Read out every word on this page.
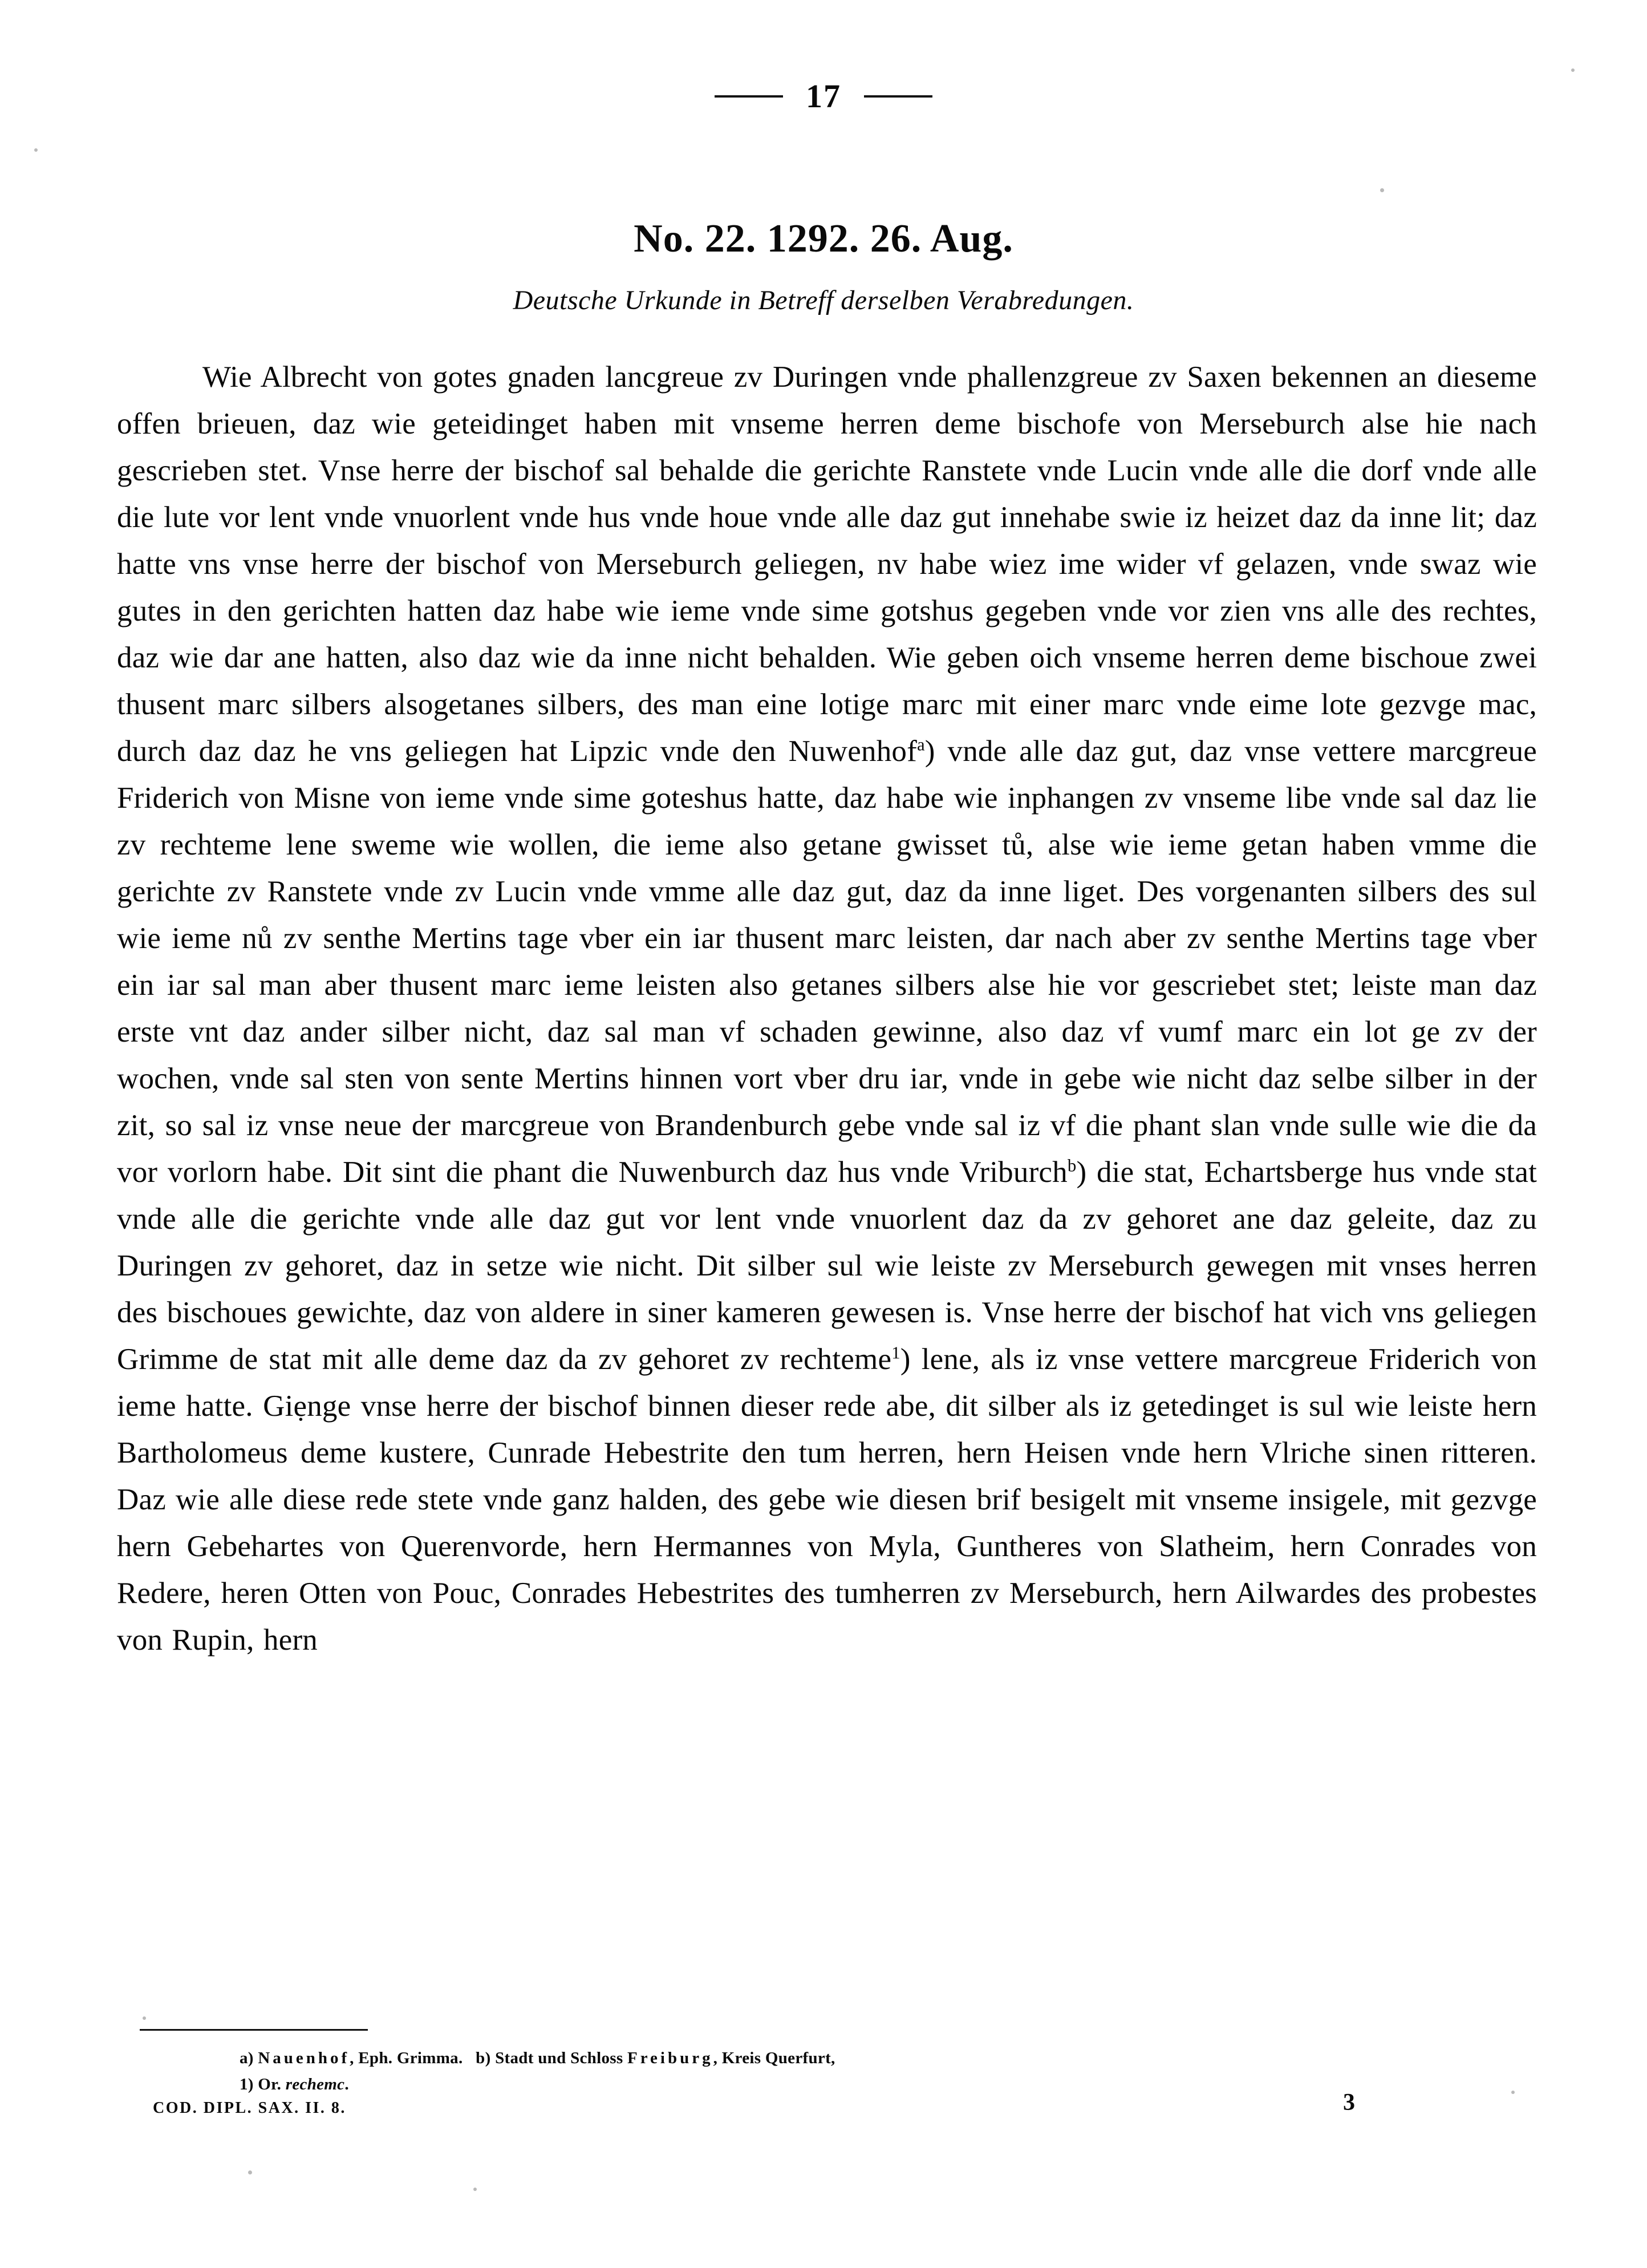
17
No. 22. 1292. 26. Aug.

Deutsche Urkunde in Betreff derselben Verabredungen.

Wie Albrecht von gotes gnaden lancgreue zv Duringen vnde phallenzgreue zv Saxen bekennen an dieseme offen brieuen, daz wie geteidinget haben mit vnseme herren deme bischofe von Merseburch alse hie nach gescrieben stet. Vnse herre der bischof sal behalde die gerichte Ranstete vnde Lucin vnde alle die dorf vnde alle die lute vor lent vnde vnuorlent vnde hus vnde houe vnde alle daz gut innehabe swie iz heizet daz da inne lit; daz hatte vns vnse herre der bischof von Merseburch geliegen, nv habe wiez ime wider vf gelazen, vnde swaz wie gutes in den gerichten hatten daz habe wie ieme vnde sime gotshus gegeben vnde vor zien vns alle des rechtes, daz wie dar ane hatten, also daz wie da inne nicht behalden. Wie geben oich vnseme herren deme bischoue zwei thusent marc silbers alsogetanes silbers, des man eine lotige marc mit einer marc vnde eime lote gezvge mac, durch daz daz he vns geliegen hat Lipzic vnde den Nuwenhof$^a$) vnde alle daz gut, daz vnse vettere marcgreue Friderich von Misne von ieme vnde sime goteshus hatte, daz habe wie inphangen zv vnseme libe vnde sal daz lie zv rechteme lene sweme wie wollen, die ieme also getane gwisset tů, alse wie ieme getan haben vmme die gerichte zv Ranstete vnde zv Lucin vnde vmme alle daz gut, daz da inne liget. Des vorgenanten silbers des sul wie ieme nů zv senthe Mertins tage vber ein iar thusent marc leisten, dar nach aber zv senthe Mertins tage vber ein iar sal man aber thusent marc ieme leisten also getanes silbers alse hie vor gescriebet stet; leiste man daz erste vnt daz ander silber nicht, daz sal man vf schaden gewinne, also daz vf vumf marc ein lot ge zv der wochen, vnde sal sten von sente Mertins hinnen vort vber dru iar, vnde in gebe wie nicht daz selbe silber in der zit, so sal iz vnse neue der marcgreue von Brandenburch gebe vnde sal iz vf die phant slan vnde sulle wie die da vor vorlorn habe. Dit sint die phant die Nuwenburch daz hus vnde Vriburch$^b$) die stat, Echartsberge hus vnde stat vnde alle die gerichte vnde alle daz gut vor lent vnde vnuorlent daz da zv gehoret ane daz geleite, daz zu Duringen zv gehoret, daz in setze wie nicht. Dit silber sul wie leiste zv Merseburch gewegen mit vnses herren des bischoues gewichte, daz von aldere in siner kameren gewesen is. Vnse herre der bischof hat vich vns geliegen Grimme de stat mit alle deme daz da zv gehoret zv rechteme$^1$) lene, als iz vnse vettere marcgreue Friderich von ieme hatte. Giẹnge vnse herre der bischof binnen dieser rede abe, dit silber als iz getedinget is sul wie leiste hern Bartholomeus deme kustere, Cunrade Hebestrite den tum herren, hern Heisen vnde hern Vlriche sinen ritteren. Daz wie alle diese rede stete vnde ganz halden, des gebe wie diesen brif besigelt mit vnseme insigele, mit gezvge hern Gebehartes von Querenvorde, hern Hermannes von Myla, Guntheres von Slatheim, hern Conrades von Redere, heren Otten von Pouc, Conrades Hebestrites des tumherren zv Merseburch, hern Ailwardes des probestes von Rupin, hern

a) Nauenhof, Eph. Grimma.   b) Stadt und Schloss Freiburg, Kreis Querfurt,

1) Or. rechemc.

COD. DIPL. SAX. II. 8.	3
